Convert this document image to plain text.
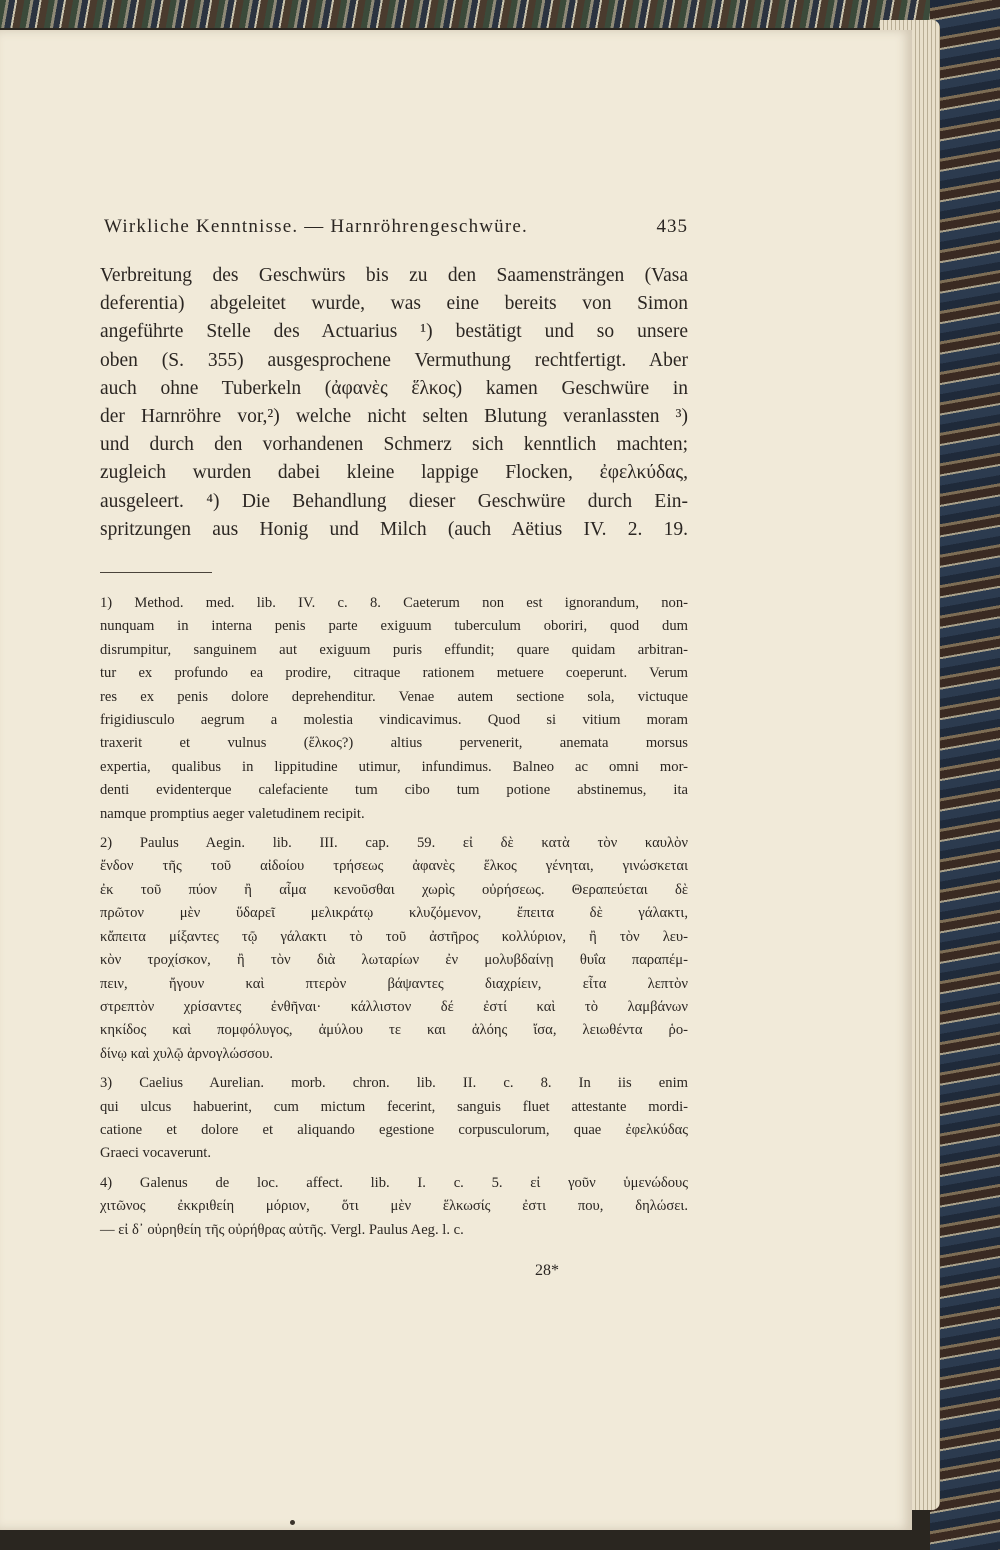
Wirkliche Kenntnisse. — Harnröhrengeschwüre.	435
Verbreitung des Geschwürs bis zu den Saamensträngen (Vasa
deferentia) abgeleitet wurde, was eine bereits von Simon
angeführte Stelle des Actuarius ¹) bestätigt und so unsere
oben (S. 355) ausgesprochene Vermuthung rechtfertigt. Aber
auch ohne Tuberkeln (ἀφανὲς ἕλκος) kamen Geschwüre in
der Harnröhre vor,²) welche nicht selten Blutung veranlassten ³)
und durch den vorhandenen Schmerz sich kenntlich machten;
zugleich wurden dabei kleine lappige Flocken, ἐφελκύδας,
ausgeleert. ⁴) Die Behandlung dieser Geschwüre durch Ein-
spritzungen aus Honig und Milch (auch Aëtius IV. 2. 19.
1) Method. med. lib. IV. c. 8. Caeterum non est ignorandum, non-
nunquam in interna penis parte exiguum tuberculum oboriri, quod dum
disrumpitur, sanguinem aut exiguum puris effundit; quare quidam arbitran-
tur ex profundo ea prodire, citraque rationem metuere coeperunt. Verum
res ex penis dolore deprehenditur. Venae autem sectione sola, victuque
frigidiusculo aegrum a molestia vindicavimus. Quod si vitium moram
traxerit et vulnus (ἕλκος?) altius pervenerit, anemata morsus
expertia, qualibus in lippitudine utimur, infundimus. Balneo ac omni mor-
denti evidenterque calefaciente tum cibo tum potione abstinemus, ita
namque promptius aeger valetudinem recipit.
2) Paulus Aegin. lib. III. cap. 59. εἰ δὲ κατὰ τὸν καυλὸν
ἔνδον τῆς τοῦ αἰδοίου τρήσεως ἀφανὲς ἕλκος γένηται, γινώσκεται
ἐκ τοῦ πύον ἢ αἷμα κενοῦσθαι χωρὶς οὐρήσεως. Θεραπεύεται δὲ
πρῶτον μὲν ὕδαρεῖ μελικράτῳ κλυζόμενον, ἔπειτα δὲ γάλακτι,
κἄπειτα μίξαντες τῷ γάλακτι τὸ τοῦ ἀστῆρος κολλύριον, ἢ τὸν λευ-
κὸν τροχίσκον, ἢ τὸν διὰ λωταρίων ἐν μολυβδαίνῃ θυΐα παραπέμ-
πειν, ἤγουν καὶ πτερὸν βάψαντες διαχρίειν, εἶτα λεπτὸν
στρεπτὸν χρίσαντες ἐνθῆναι· κάλλιστον δέ ἐστί καὶ τὸ λαμβάνων
κηκίδος καὶ πομφόλυγος, ἀμύλου τε και ἀλόης ἴσα, λειωθέντα ῥο-
δίνῳ καὶ χυλῷ ἀρνογλώσσου.
3) Caelius Aurelian. morb. chron. lib. II. c. 8. In iis enim
qui ulcus habuerint, cum mictum fecerint, sanguis fluet attestante mordi-
catione et dolore et aliquando egestione corpusculorum, quae ἐφελκύδας
Graeci vocaverunt.
4) Galenus de loc. affect. lib. I. c. 5. εἰ γοῦν ὑμενώδους
χιτῶνος ἐκκριθείη μόριον, ὅτι μὲν ἕλκωσίς ἐστι που, δηλώσει.
— εἰ δ᾽ οὐρηθείη τῆς οὐρήθρας αὐτῆς. Vergl. Paulus Aeg. l. c.
28*
